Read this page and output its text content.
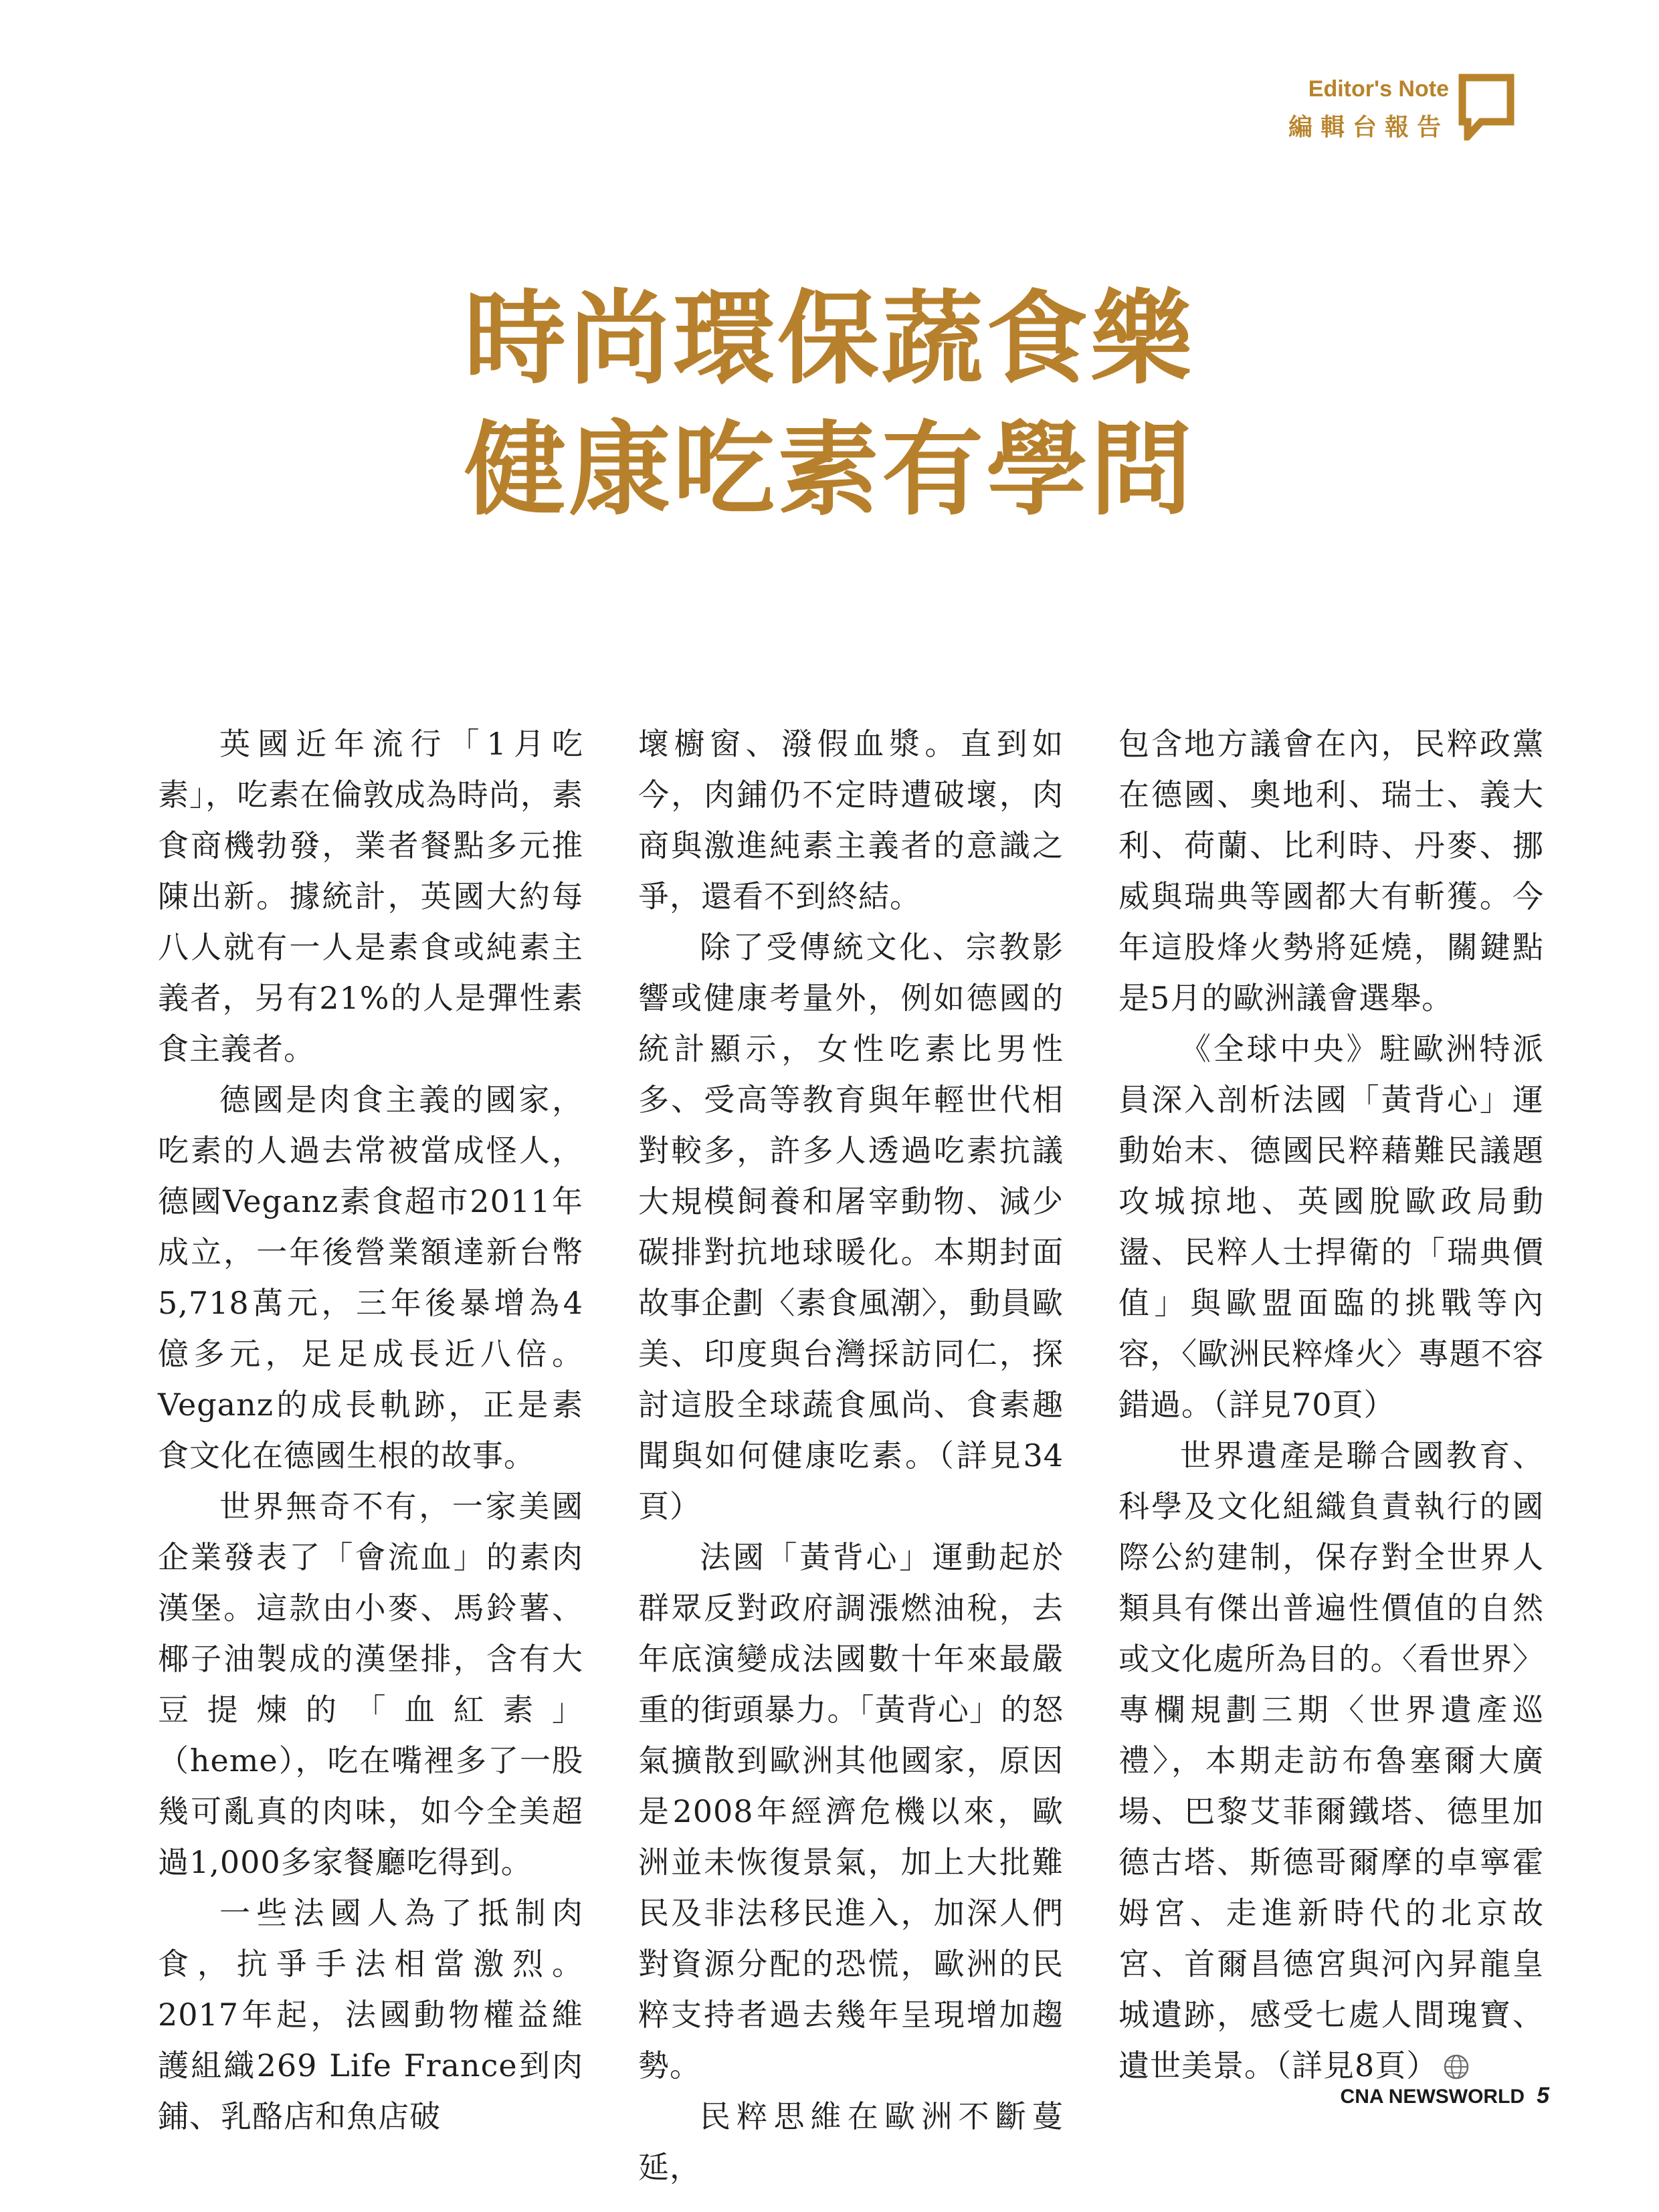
Editor's Note
編輯台報告
時尚環保蔬食樂
健康吃素有學問

英國近年流行「1月吃素」，吃素在倫敦成為時尚，素食商機勃發，業者餐點多元推陳出新。據統計，英國大約每八人就有一人是素食或純素主義者，另有21%的人是彈性素食主義者。

德國是肉食主義的國家，吃素的人過去常被當成怪人，德國Veganz素食超市2011年成立，一年後營業額達新台幣5,718萬元，三年後暴增為4億多元，足足成長近八倍。Veganz的成長軌跡，正是素食文化在德國生根的故事。

世界無奇不有，一家美國企業發表了「會流血」的素肉漢堡。這款由小麥、馬鈴薯、椰子油製成的漢堡排，含有大豆提煉的「血紅素」（heme），吃在嘴裡多了一股幾可亂真的肉味，如今全美超過1,000多家餐廳吃得到。

一些法國人為了抵制肉食，抗爭手法相當激烈。2017年起，法國動物權益維護組織269 Life France到肉鋪、乳酪店和魚店破

壞櫥窗、潑假血漿。直到如今，肉鋪仍不定時遭破壞，肉商與激進純素主義者的意識之爭，還看不到終結。

除了受傳統文化、宗教影響或健康考量外，例如德國的統計顯示，女性吃素比男性多、受高等教育與年輕世代相對較多，許多人透過吃素抗議大規模飼養和屠宰動物、減少碳排對抗地球暖化。本期封面故事企劃〈素食風潮〉，動員歐美、印度與台灣採訪同仁，探討這股全球蔬食風尚、食素趣聞與如何健康吃素。（詳見34頁）

法國「黃背心」運動起於群眾反對政府調漲燃油稅，去年底演變成法國數十年來最嚴重的街頭暴力。「黃背心」的怒氣擴散到歐洲其他國家，原因是2008年經濟危機以來，歐洲並未恢復景氣，加上大批難民及非法移民進入，加深人們對資源分配的恐慌，歐洲的民粹支持者過去幾年呈現增加趨勢。

民粹思維在歐洲不斷蔓延，

包含地方議會在內，民粹政黨在德國、奧地利、瑞士、義大利、荷蘭、比利時、丹麥、挪威與瑞典等國都大有斬獲。今年這股烽火勢將延燒，關鍵點是5月的歐洲議會選舉。

《全球中央》駐歐洲特派員深入剖析法國「黃背心」運動始末、德國民粹藉難民議題攻城掠地、英國脫歐政局動盪、民粹人士捍衛的「瑞典價值」與歐盟面臨的挑戰等內容，〈歐洲民粹烽火〉專題不容錯過。（詳見70頁）

世界遺產是聯合國教育、科學及文化組織負責執行的國際公約建制，保存對全世界人類具有傑出普遍性價值的自然或文化處所為目的。〈看世界〉專欄規劃三期〈世界遺產巡禮〉，本期走訪布魯塞爾大廣場、巴黎艾菲爾鐵塔、德里加德古塔、斯德哥爾摩的卓寧霍姆宮、走進新時代的北京故宮、首爾昌德宮與河內昇龍皇城遺跡，感受七處人間瑰寶、遺世美景。（詳見8頁）

CNA NEWSWORLD 5
